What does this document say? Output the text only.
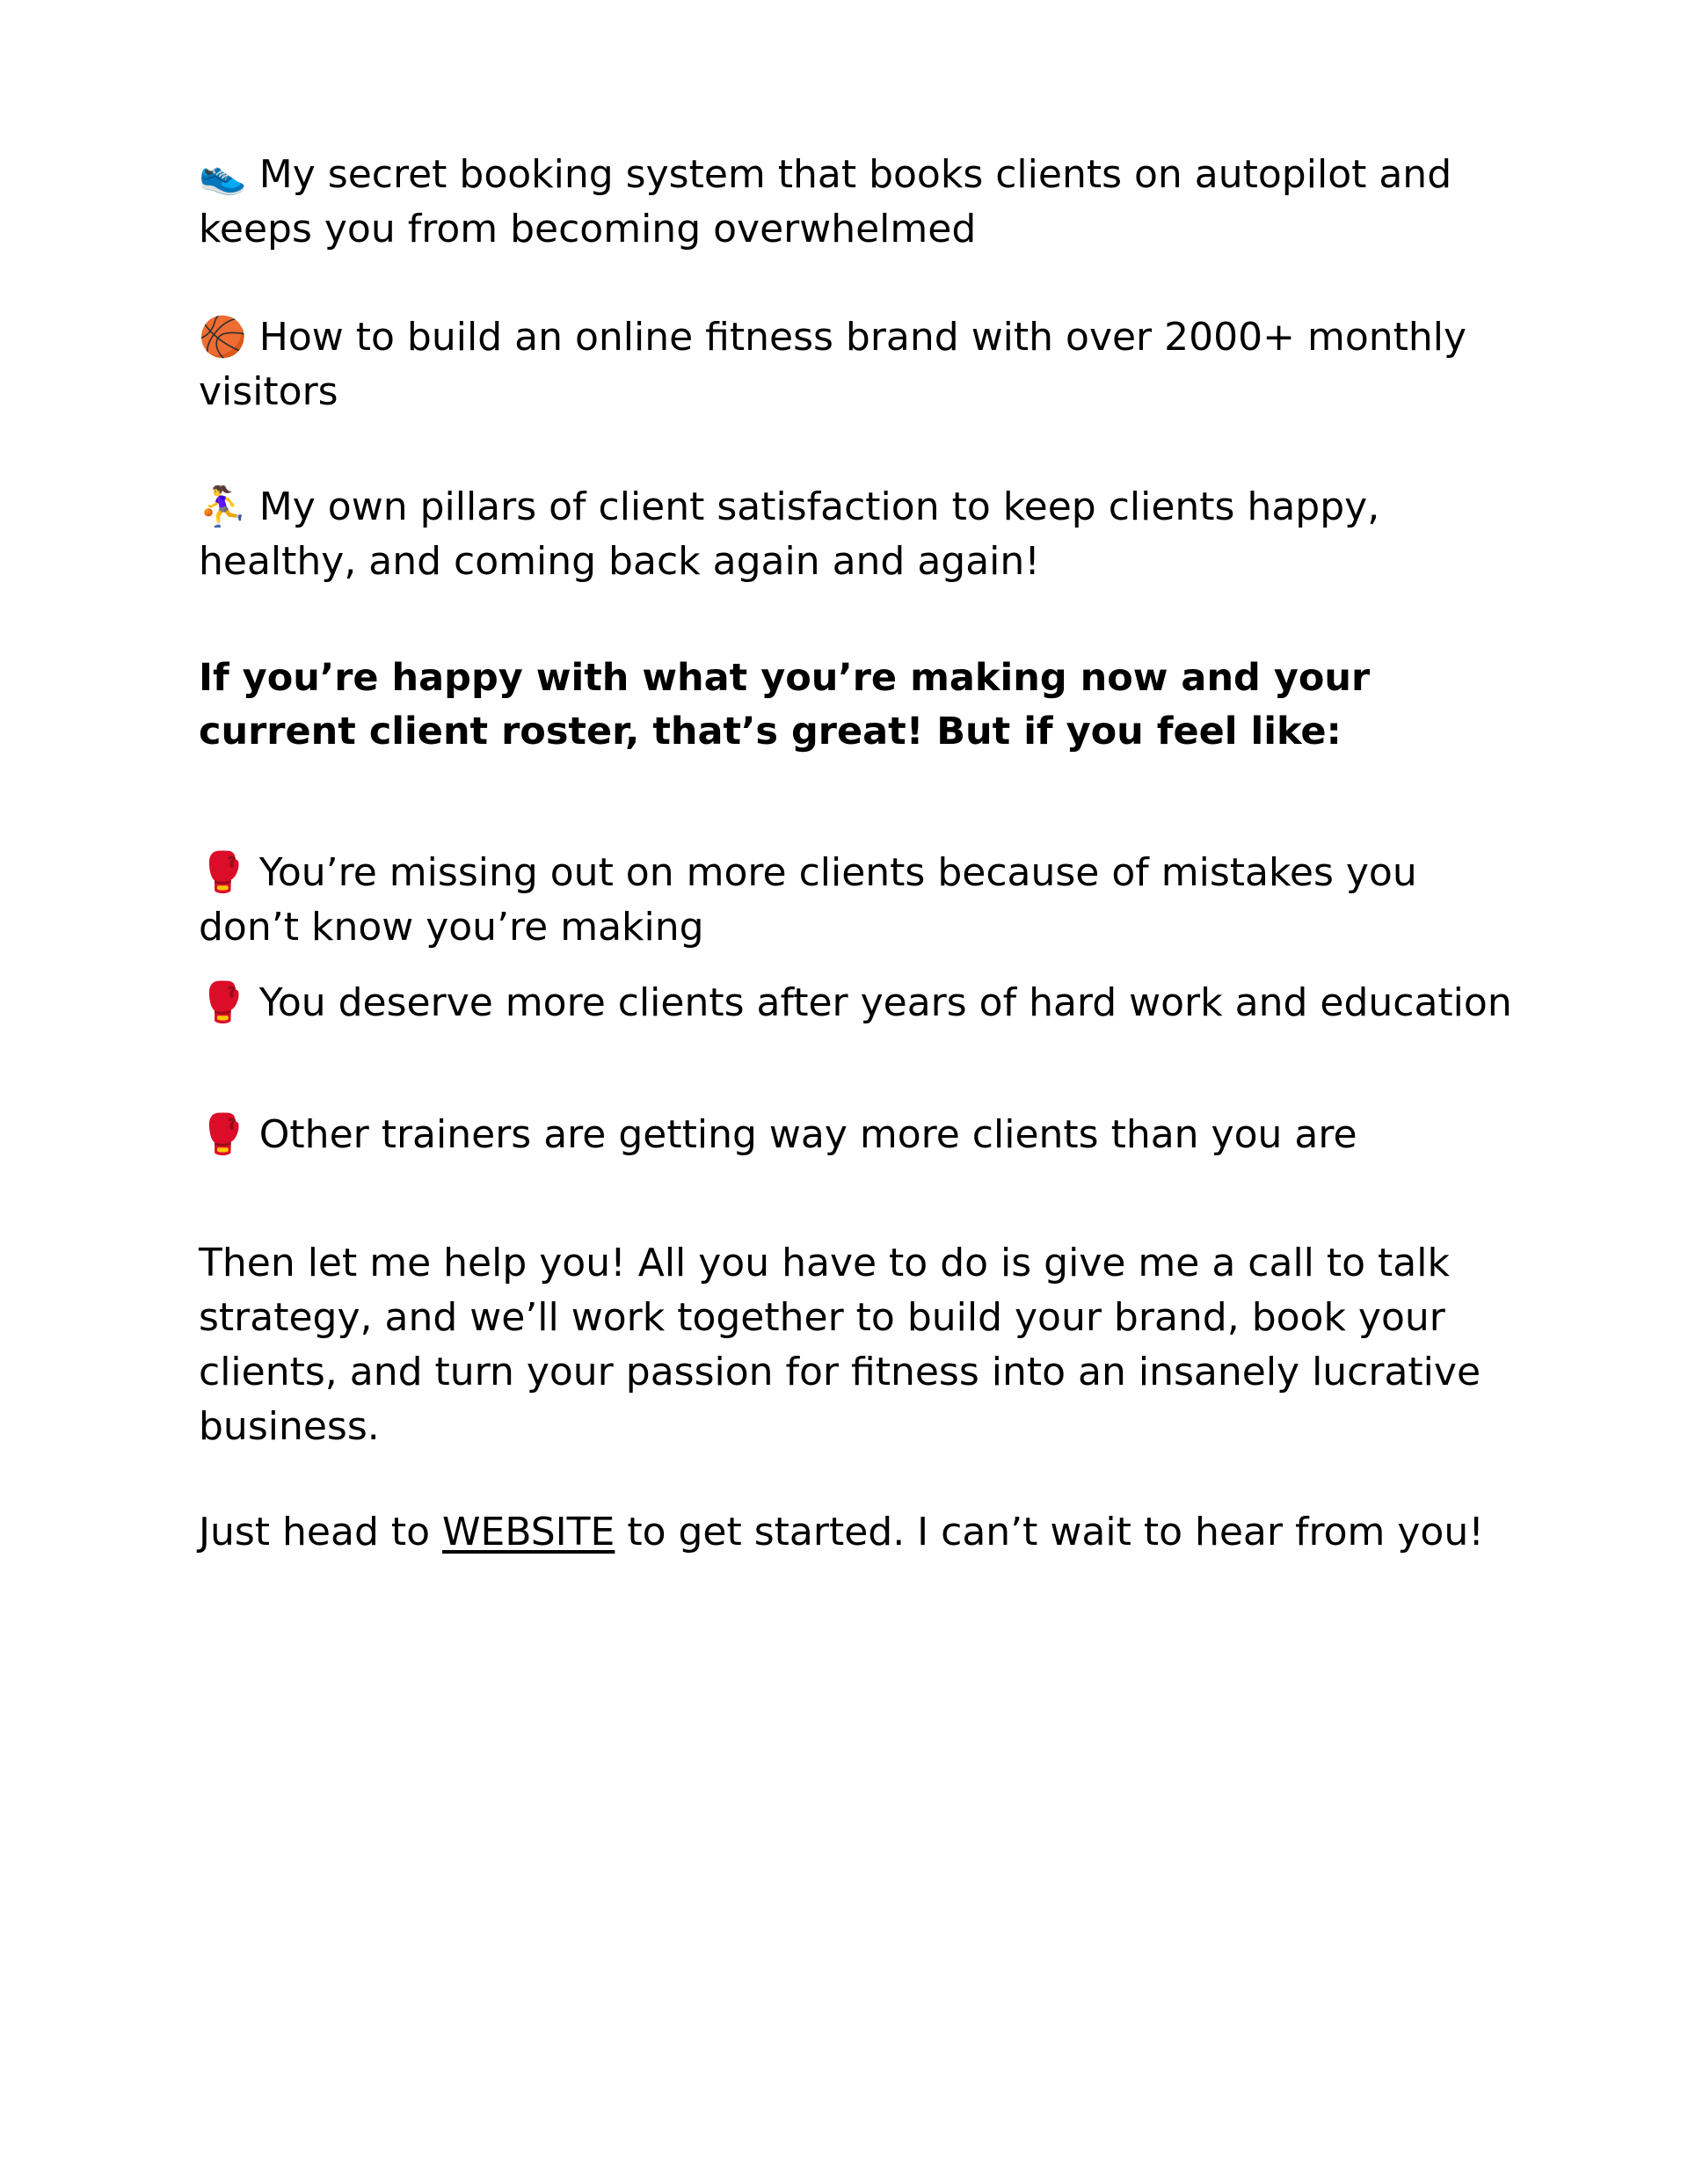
👟 My secret booking system that books clients on autopilot and keeps you from becoming overwhelmed

🏀 How to build an online fitness brand with over 2000+ monthly visitors

⛹️‍♀️ My own pillars of client satisfaction to keep clients happy, healthy, and coming back again and again!

If you’re happy with what you’re making now and your current client roster, that’s great! But if you feel like:

🥊 You’re missing out on more clients because of mistakes you don’t know you’re making

🥊 You deserve more clients after years of hard work and education

🥊 Other trainers are getting way more clients than you are

Then let me help you! All you have to do is give me a call to talk strategy, and we’ll work together to build your brand, book your clients, and turn your passion for fitness into an insanely lucrative business.

Just head to WEBSITE to get started. I can’t wait to hear from you!
